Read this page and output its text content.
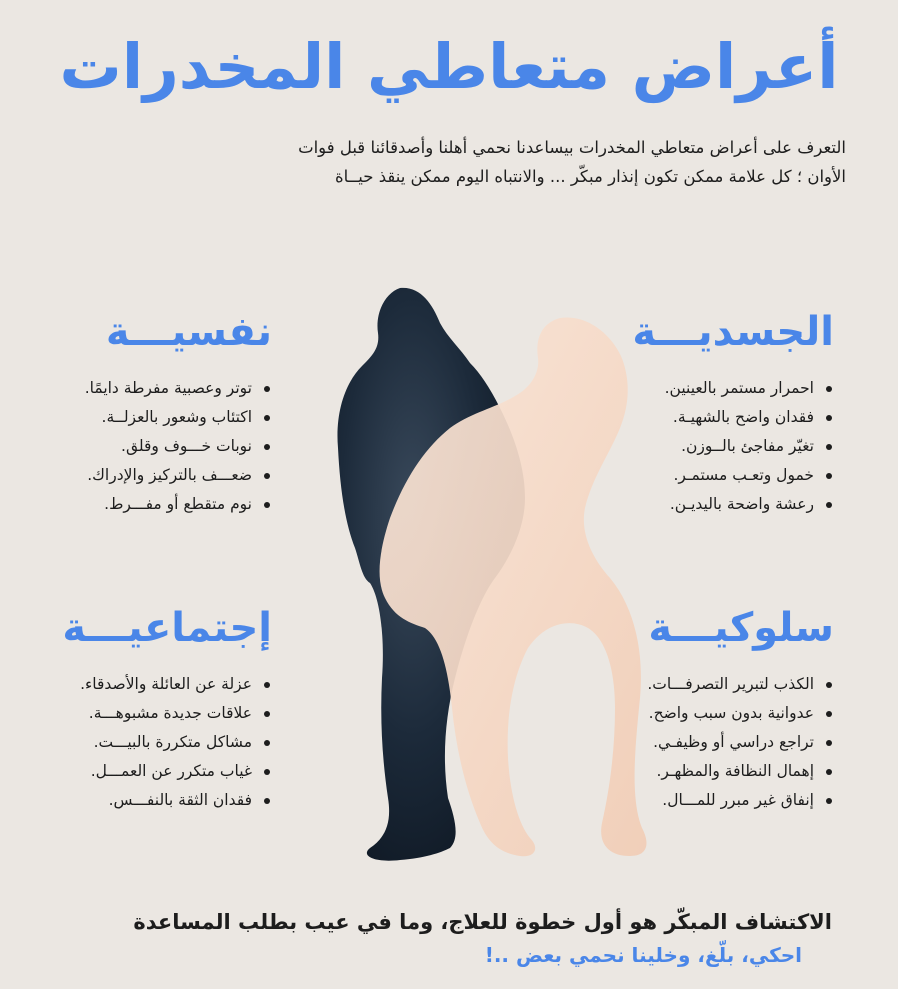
أعراض متعاطي المخدرات

التعرف على أعراض متعاطي المخدرات بيساعدنا نحمي أهلنا وأصدقائنا قبل فوات

الأوان ؛ كل علامة ممكن تكون إنذار مبكّر ... والانتباه اليوم ممكن ينقذ حيــاة

الجسديـــة
احمرار مستمر بالعينين.
فقدان واضح بالشهيـة.
تغيّر مفاجئ بالــوزن.
خمول وتعـب مستمـر.
رعشة واضحة باليديـن.
نفسيـــة
توتر وعصبية مفرطة دايمًا.
اكتئاب وشعور بالعزلــة.
نوبات خـــوف وقلق.
ضعـــف بالتركيز والإدراك.
نوم متقطع أو مفـــرط.
سلوكيـــة
الكذب لتبرير التصرفـــات.
عدوانية بدون سبب واضح.
تراجع دراسي أو وظيفـي.
إهمال النظافة والمظهـر.
إنفاق غير مبرر للمـــال.
إجتماعيـــة
عزلة عن العائلة والأصدقاء.
علاقات جديدة مشبوهـــة.
مشاكل متكررة بالبيـــت.
غياب متكرر عن العمـــل.
فقدان الثقة بالنفـــس.
الاكتشاف المبكّر هو أول خطوة للعلاج، وما في عيب بطلب المساعدة
احكي، بلّغ، وخلينا نحمي بعض ..!
